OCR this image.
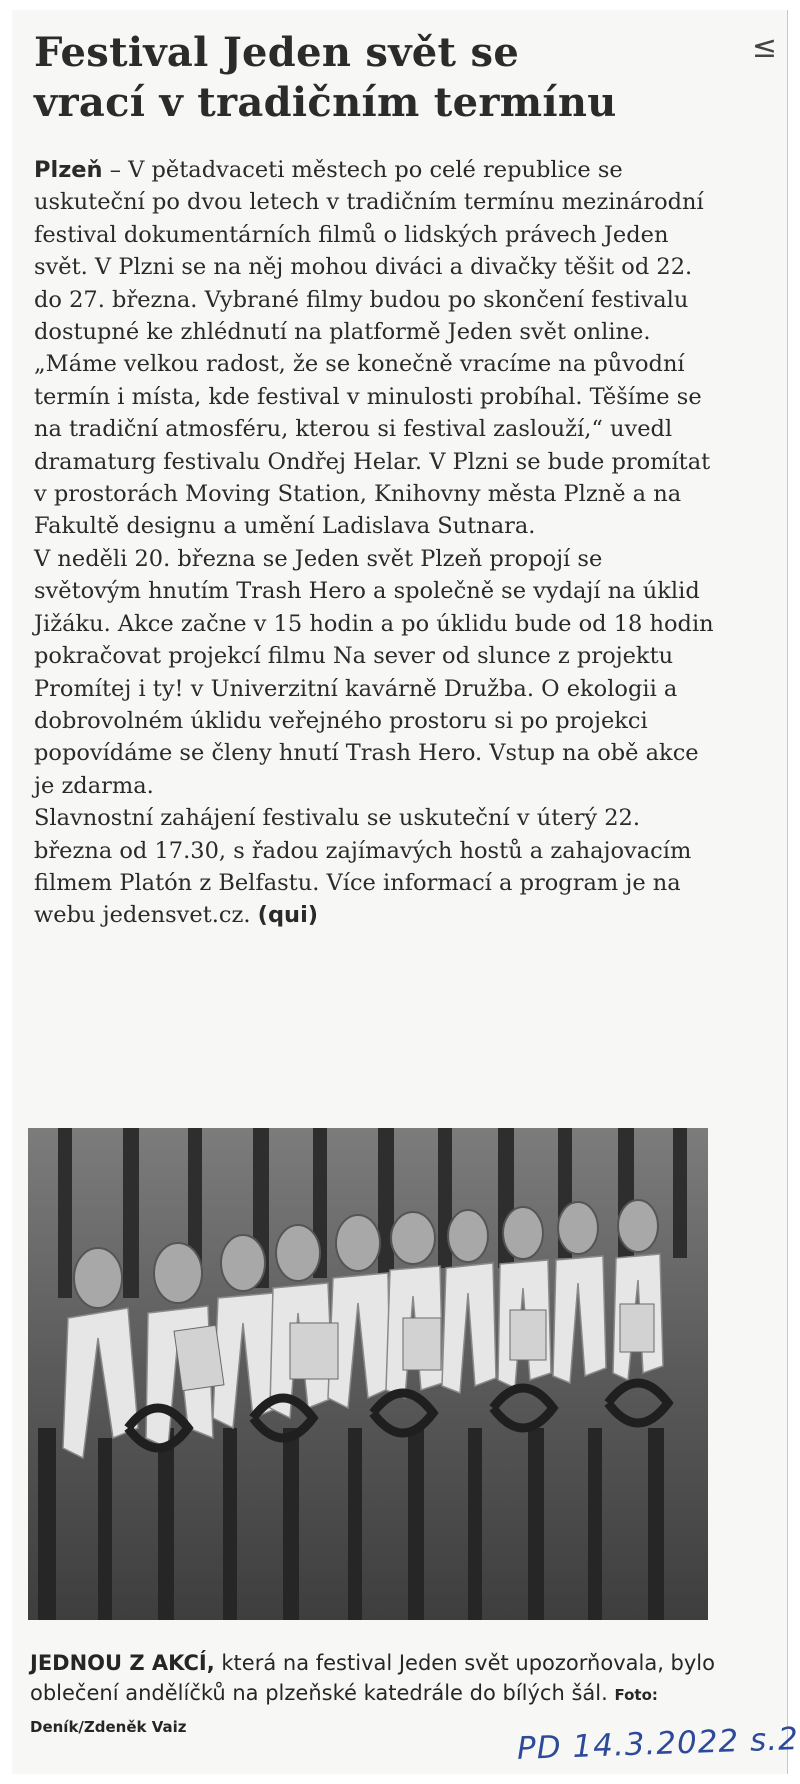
≤
Festival Jeden svět se
vrací v tradičním termínu

Plzeň – V pětadvaceti městech po celé republice se uskuteční po dvou letech v tradičním termínu mezinárodní festival dokumentárních filmů o lidských právech Jeden svět. V Plzni se na něj mohou diváci a divačky těšit od 22. do 27. března. Vybrané filmy budou po skončení festivalu dostupné ke zhlédnutí na platformě Jeden svět online.

„Máme velkou radost, že se konečně vracíme na původní termín i místa, kde festival v minulosti probíhal. Těšíme se na tradiční atmosféru, kterou si festival zaslouží,“ uvedl dramaturg festivalu Ondřej Helar. V Plzni se bude promítat v prostorách Moving Station, Knihovny města Plzně a na Fakultě designu a umění Ladislava Sutnara.

V neděli 20. března se Jeden svět Plzeň propojí se světovým hnutím Trash Hero a společně se vydají na úklid Jižáku. Akce začne v 15 hodin a po úklidu bude od 18 hodin pokračovat projekcí filmu Na sever od slunce z projektu Promítej i ty! v Univerzitní kavárně Družba. O ekologii a dobrovolném úklidu veřejného prostoru si po projekci popovídáme se členy hnutí Trash Hero. Vstup na obě akce je zdarma.

Slavnostní zahájení festivalu se uskuteční v úterý 22. března od 17.30, s řadou zajímavých hostů a zahajovacím filmem Platón z Belfastu. Více informací a program je na webu jedensvet.cz. (qui)

JEDNOU Z AKCÍ, která na festival Jeden svět upozorňovala, bylo oblečení andělíčků na plzeňské katedrále do bílých šál. Foto: Deník/Zdeněk Vaiz	PD 14.3.2022 s.2
